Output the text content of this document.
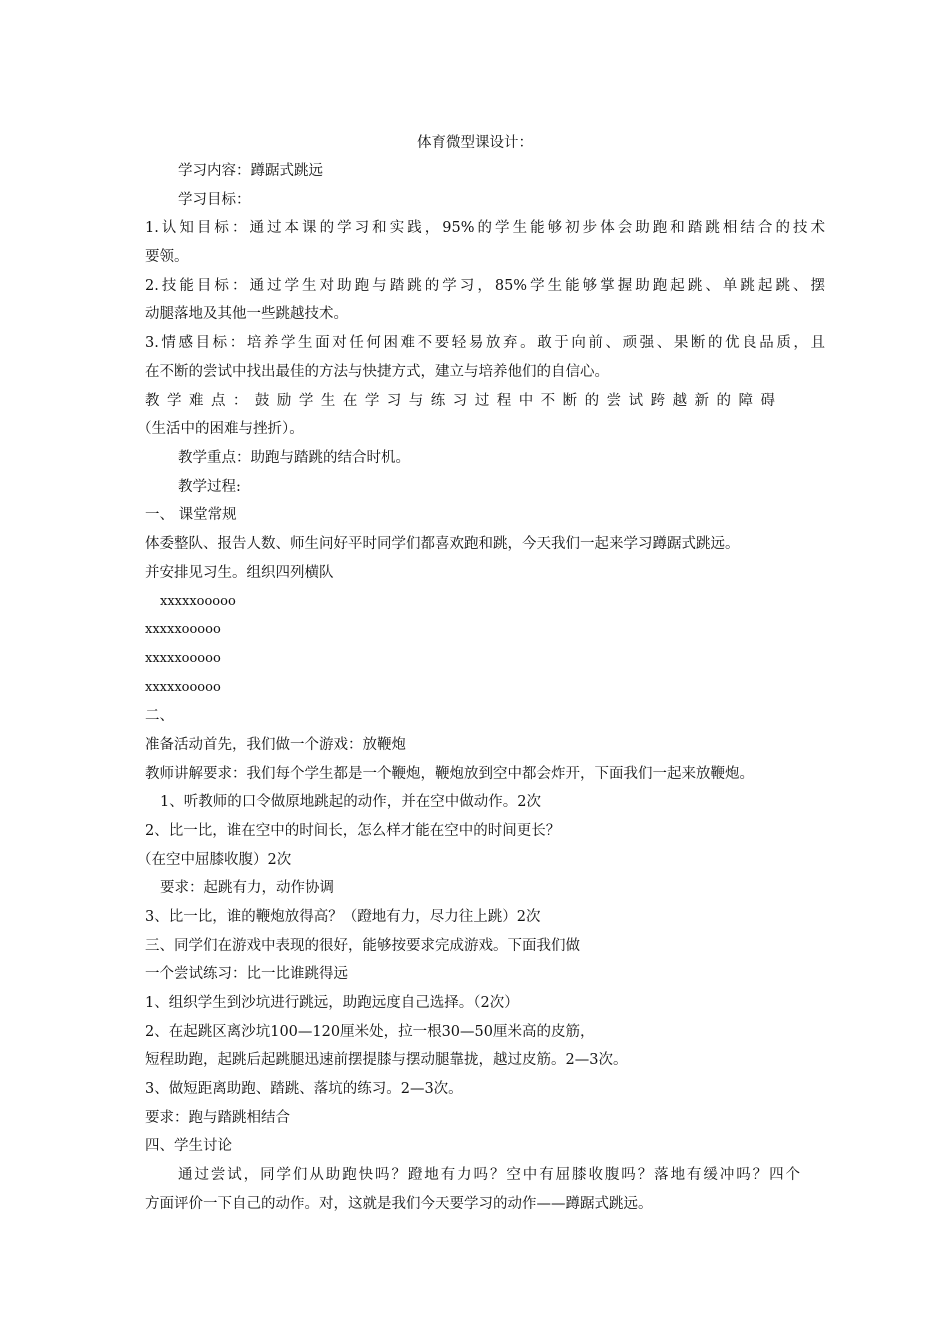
体育微型课设计：
学习内容：蹲踞式跳远
学习目标：
1.认知目标：通过本课的学习和实践，95%的学生能够初步体会助跑和踏跳相结合的技术
要领。
2.技能目标：通过学生对助跑与踏跳的学习，85%学生能够掌握助跑起跳、单跳起跳、摆
动腿落地及其他一些跳越技术。
3.情感目标：培养学生面对任何困难不要轻易放弃。敢于向前、顽强、果断的优良品质，且
在不断的尝试中找出最佳的方法与快捷方式，建立与培养他们的自信心。
教学难点：鼓励学生在学习与练习过程中不断的尝试跨越新的障碍
（生活中的困难与挫折）。
教学重点：助跑与踏跳的结合时机。
教学过程:
一、 课堂常规
体委整队、报告人数、师生问好平时同学们都喜欢跑和跳，今天我们一起来学习蹲踞式跳远。
并安排见习生。组织四列横队
xxxxxooooo
xxxxxooooo
xxxxxooooo
xxxxxooooo
二、
准备活动首先，我们做一个游戏：放鞭炮
教师讲解要求：我们每个学生都是一个鞭炮，鞭炮放到空中都会炸开，下面我们一起来放鞭炮。
1、听教师的口令做原地跳起的动作，并在空中做动作。2次
2、比一比，谁在空中的时间长，怎么样才能在空中的时间更长？
（在空中屈膝收腹）2次
要求：起跳有力，动作协调
3、比一比，谁的鞭炮放得高？（蹬地有力，尽力往上跳）2次
三、同学们在游戏中表现的很好，能够按要求完成游戏。下面我们做
一个尝试练习：比一比谁跳得远
1、组织学生到沙坑进行跳远，助跑远度自己选择。（2次）
2、在起跳区离沙坑100—120厘米处，拉一根30—50厘米高的皮筋，
短程助跑，起跳后起跳腿迅速前摆提膝与摆动腿靠拢，越过皮筋。2—3次。
3、做短距离助跑、踏跳、落坑的练习。2—3次。
要求：跑与踏跳相结合
四、学生讨论
通过尝试，同学们从助跑快吗？蹬地有力吗？空中有屈膝收腹吗？落地有缓冲吗？四个
方面评价一下自己的动作。对，这就是我们今天要学习的动作——蹲踞式跳远。
